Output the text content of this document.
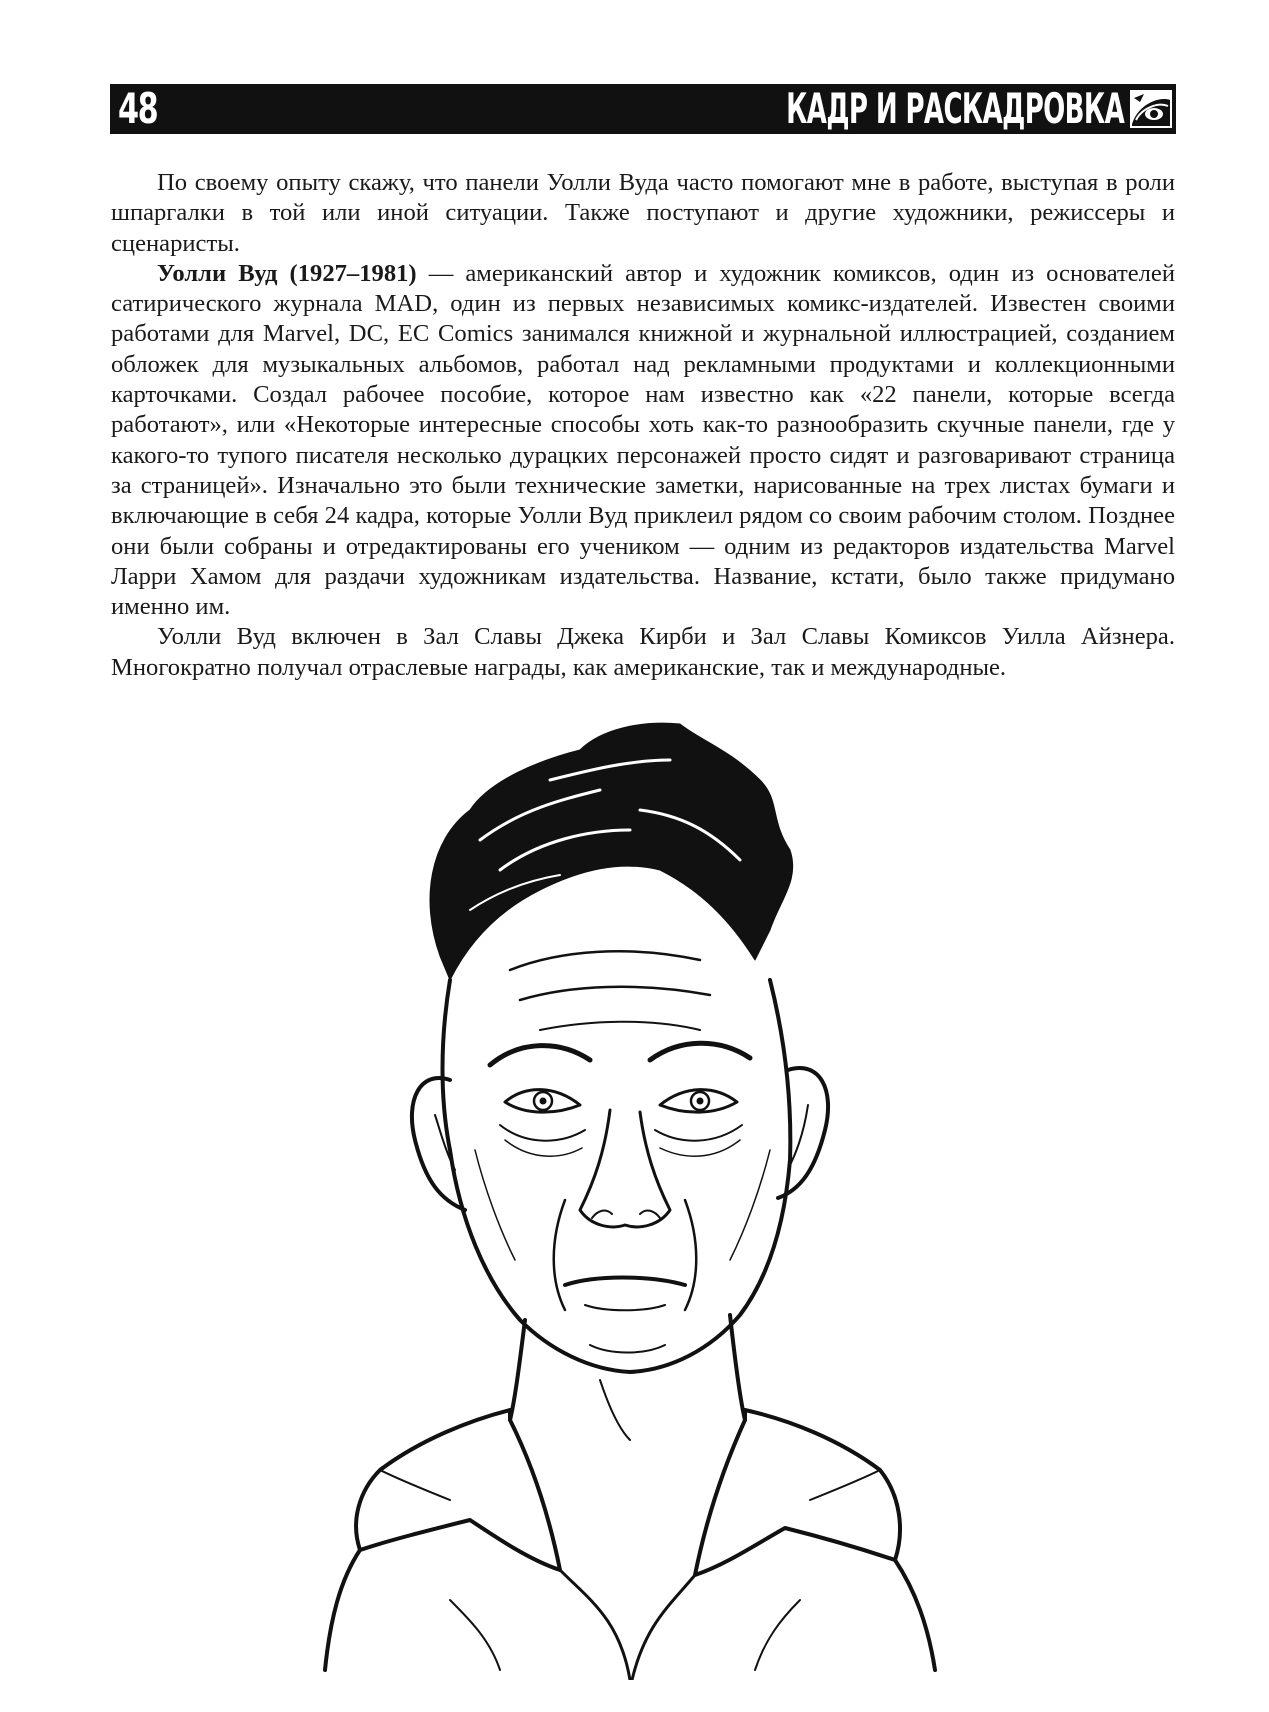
48	КАДР И РАСКАДРОВКА

По своему опыту скажу, что панели Уолли Вуда часто помогают мне в работе, выступая в роли шпаргалки в той или иной ситуации. Также поступают и другие художники, режиссеры и сценаристы.

Уолли Вуд (1927–1981) — американский автор и художник комиксов, один из основателей сатирического журнала MAD, один из первых независимых комикс-издателей. Известен своими работами для Marvel, DC, EC Comics занимался книжной и журнальной иллюстрацией, созданием обложек для музыкальных альбомов, работал над рекламными продуктами и коллекционными карточками. Создал рабочее пособие, которое нам известно как «22 панели, которые всегда работают», или «Некоторые интересные способы хоть как-то разнообразить скучные панели, где у какого-то тупого писателя несколько дурацких персонажей просто сидят и разговаривают страница за страницей». Изначально это были технические заметки, нарисованные на трех листах бумаги и включающие в себя 24 кадра, которые Уолли Вуд приклеил рядом со своим рабочим столом. Позднее они были собраны и отредактированы его учеником — одним из редакторов издательства Marvel Ларри Хамом для раздачи художникам издательства. Название, кстати, было также придумано именно им.

Уолли Вуд включен в Зал Славы Джека Кирби и Зал Славы Комиксов Уилла Айзнера. Многократно получал отраслевые награды, как американские, так и международные.
